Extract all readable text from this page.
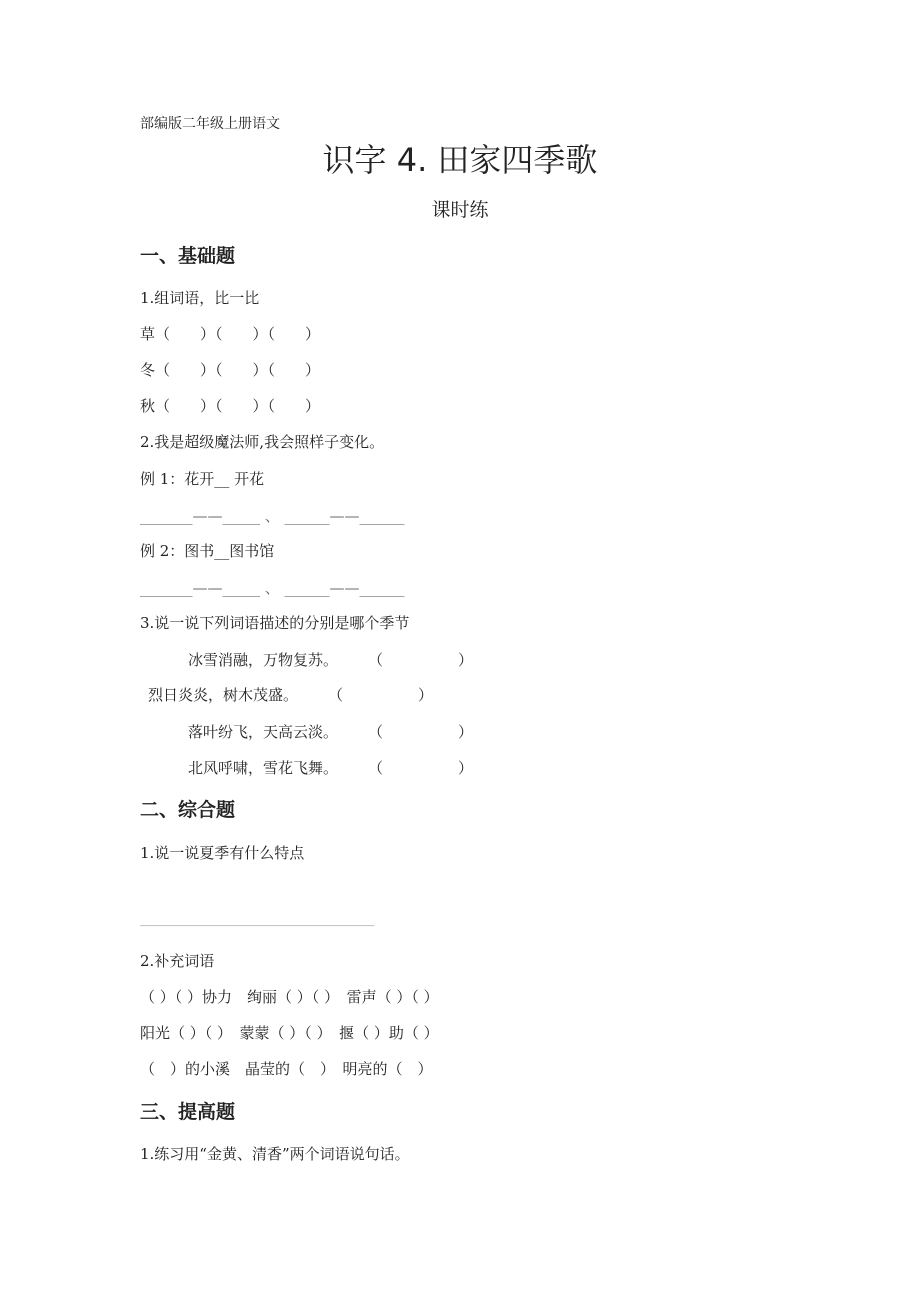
部编版二年级上册语文
识字 4. 田家四季歌
课时练
一、基础题
1.组词语，比一比
草（　　）（　　）（　　）
冬（　　）（　　）（　　）
秋（　　）（　　）（　　）
2.我是超级魔法师,我会照样子变化。
例 1：花开__ 开花
_______——_____ 、 ______——______
例 2：图书__图书馆
_______——_____ 、 ______——______
3.说一说下列词语描述的分别是哪个季节
冰雪消融，万物复苏。 （　　　　　）
烈日炎炎，树木茂盛。 （　　　　　）
落叶纷飞，天高云淡。 （　　　　　）
北风呼啸，雪花飞舞。 （　　　　　）
二、综合题
1.说一说夏季有什么特点
_______________________________________
2.补充词语
（ ）（ ）协力　绚丽（ ）（ ）　雷声（ ）（ ）
阳光（ ）（ ）　蒙蒙（ ）（ ）　揠（ ）助（ ）
（　）的小溪　晶莹的（　）　明亮的（　）
三、提高题
1.练习用“金黄、清香”两个词语说句话。
